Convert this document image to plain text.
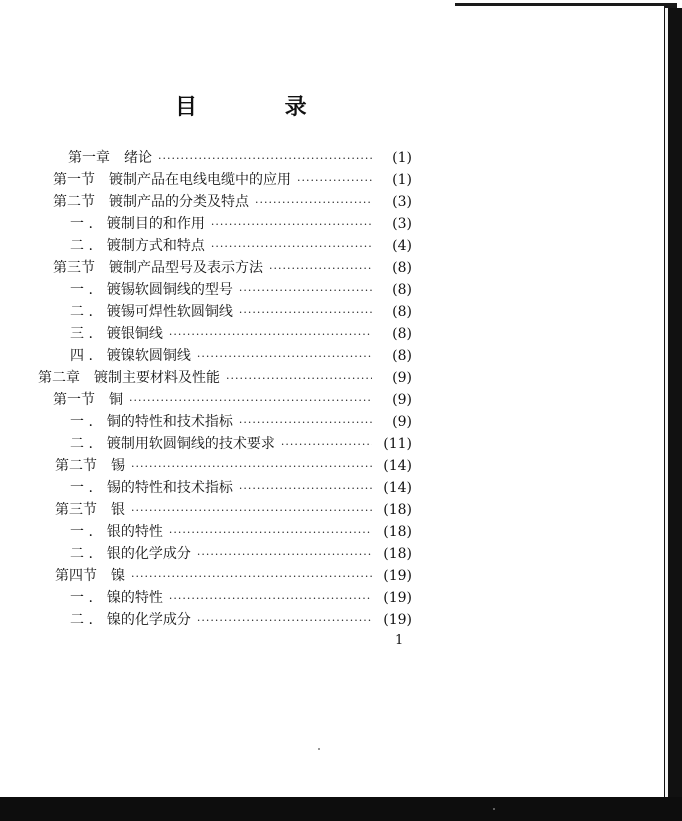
目 录
第一章	绪论 ·····	(1)
第一节	镀制产品在电线电缆中的应用 ·····	(1)
第二节	镀制产品的分类及特点 ·····	(3)
一 .	镀制目的和作用 ·····	(3)
二 .	镀制方式和特点 ·····	(4)
第三节	镀制产品型号及表示方法 ·····	(8)
一 .	镀锡软圆铜线的型号 ·····	(8)
二 .	镀锡可焊性软圆铜线 ·····	(8)
三 .	镀银铜线 ·····	(8)
四 .	镀镍软圆铜线 ·····	(8)
第二章	镀制主要材料及性能 ·····	(9)
第一节	铜 ·····	(9)
一 .	铜的特性和技术指标 ·····	(9)
二 .	镀制用软圆铜线的技术要求 ·····	(11)
第二节	锡 ·····	(14)
一 .	锡的特性和技术指标 ·····	(14)
第三节	银 ·····	(18)
一 .	银的特性 ·····	(18)
二 .	银的化学成分 ·····	(18)
第四节	镍 ·····	(19)
一 .	镍的特性 ·····	(19)
二 .	镍的化学成分 ·····	(19)
1
